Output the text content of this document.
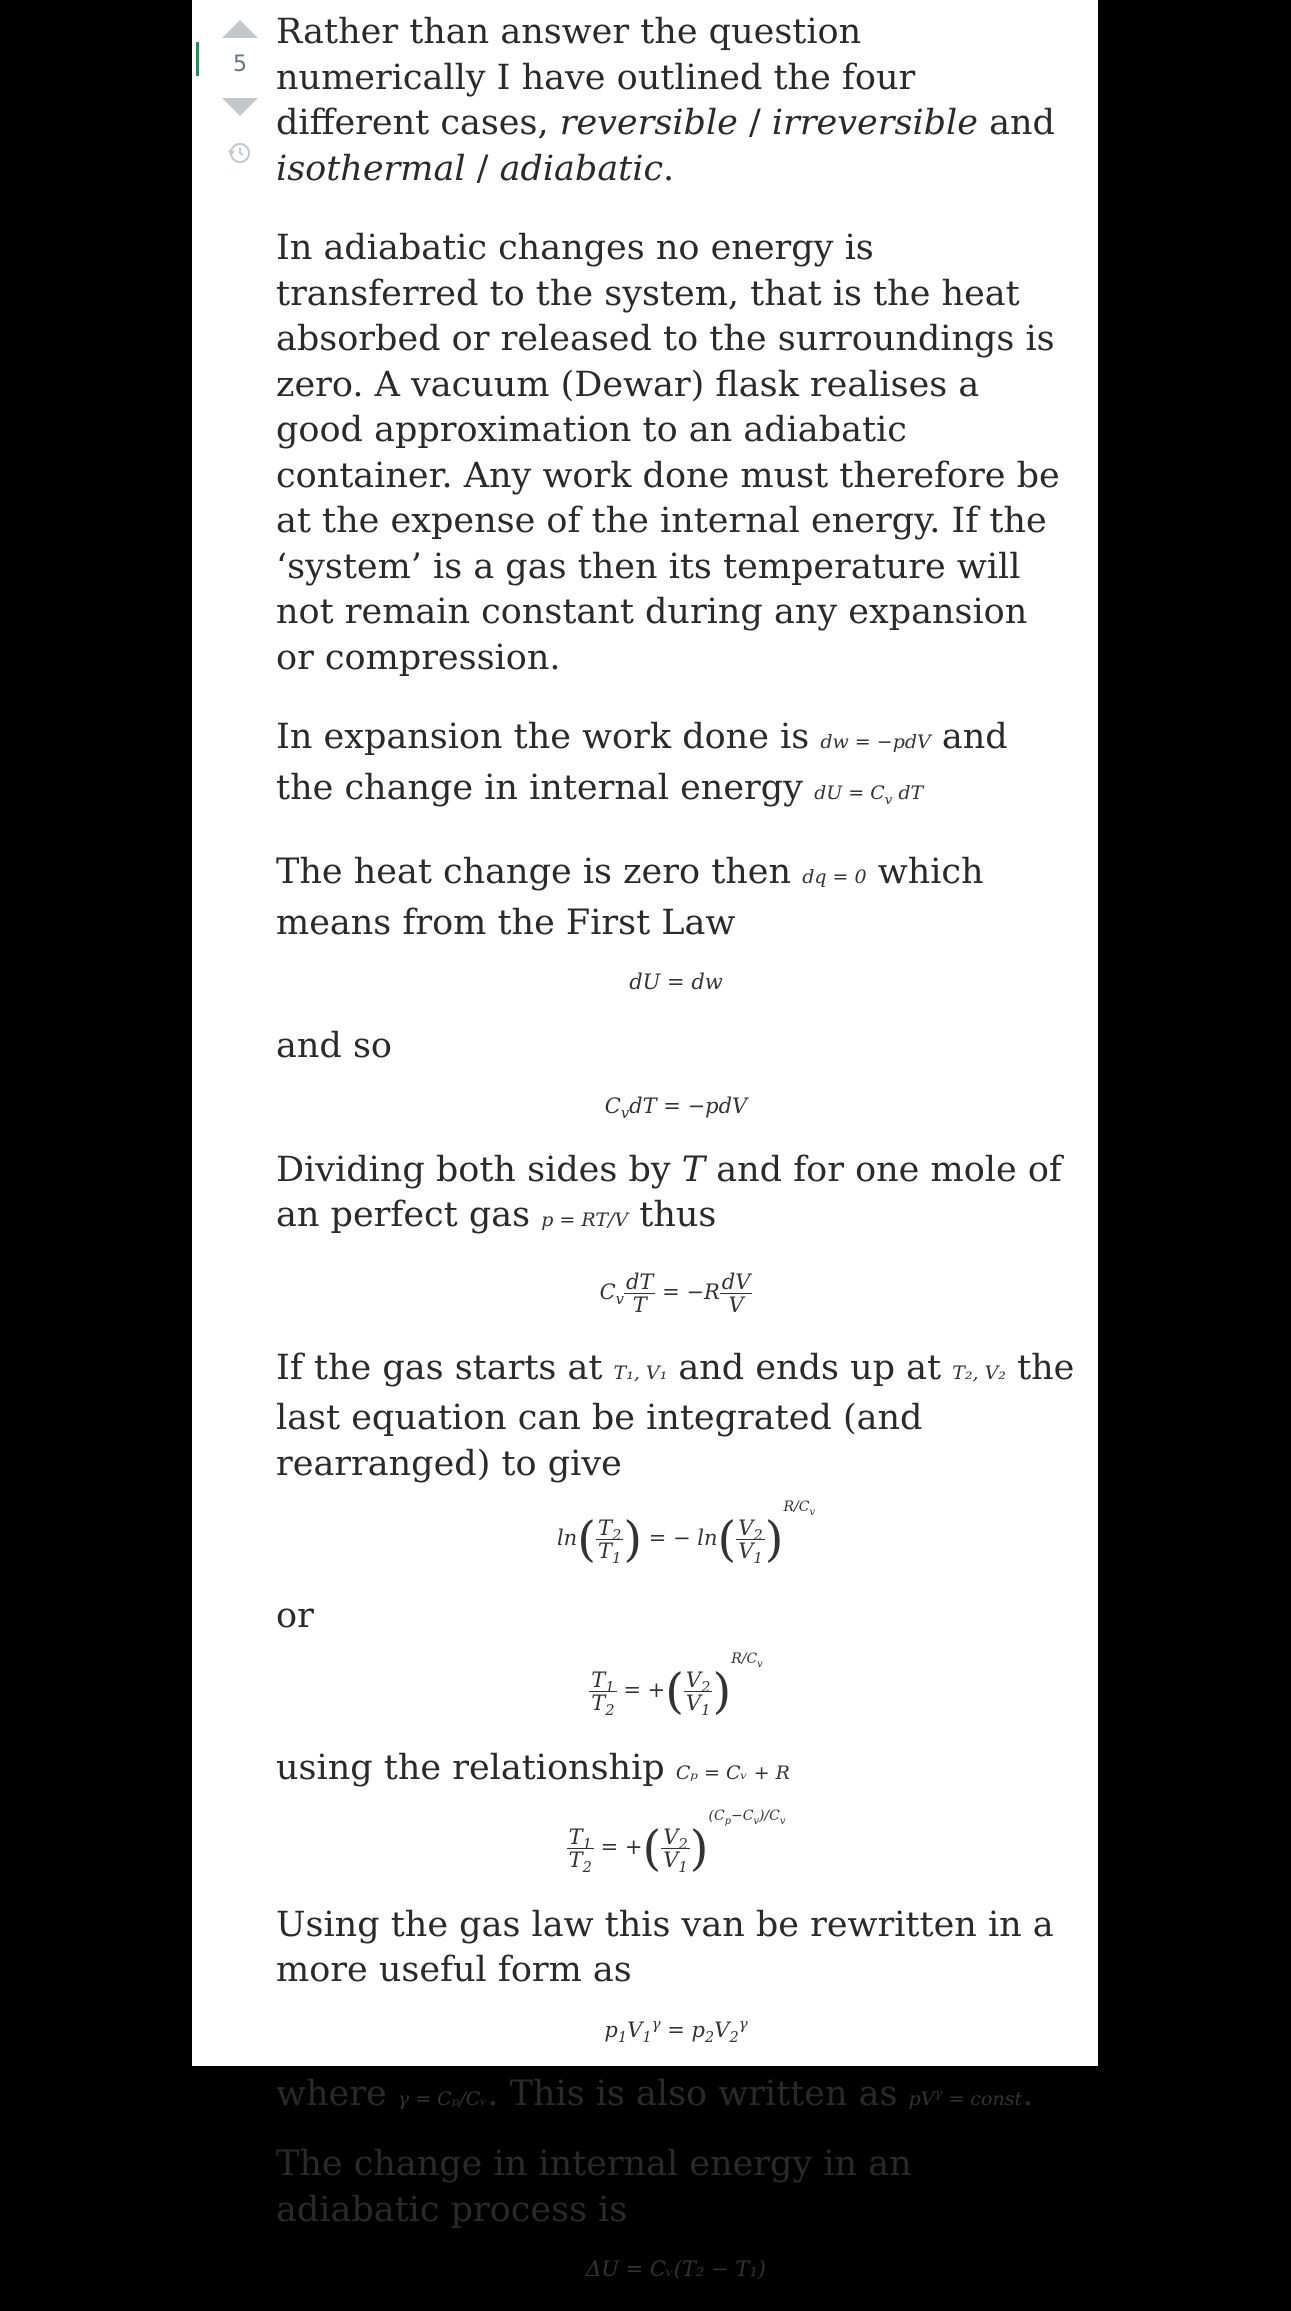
5

Rather than answer the question numerically I have outlined the four different cases, reversible / irreversible and isothermal / adiabatic.

In adiabatic changes no energy is transferred to the system, that is the heat absorbed or released to the surroundings is zero. A vacuum (Dewar) flask realises a good approximation to an adiabatic container. Any work done must therefore be at the expense of the internal energy. If the ‘system’ is a gas then its temperature will not remain constant during any expansion or compression.

In expansion the work done is dw = −pdV and the change in internal energy dU = $C_v$ dT

The heat change is zero then dq = 0 which means from the First Law

dU = dw

and so

$C_vdT = -pdV$

Dividing both sides by T and for one mole of an perfect gas p = RT/V thus

$C_v \frac{dT}{T} = -R \frac{dV}{V}$

If the gas starts at T₁, V₁ and ends up at T₂, V₂ the last equation can be integrated (and rearranged) to give

$\ln( \frac{T_2}{T_1}$ ) = − $\ln( \frac{V_2}{V_1} )^{R/C_v}$

or

$\frac{T_1}{T_2}$ = +( $\frac{V_2}{V_1} )^{R/C_v}$

using the relationship Cₚ = Cᵥ + R

$\frac{T_1}{T_2}$ = +( $\frac{V_2}{V_1} )^{(C_p-C_v)/C_v}$

Using the gas law this van be rewritten in a more useful form as

$p_1V_1^\gamma = p_2V_2^\gamma$

where γ = Cₚ/Cᵥ. This is also written as $pV^\gamma$ = const.

The change in internal energy in an adiabatic process is

ΔU = Cᵥ(T₂ − T₁)
